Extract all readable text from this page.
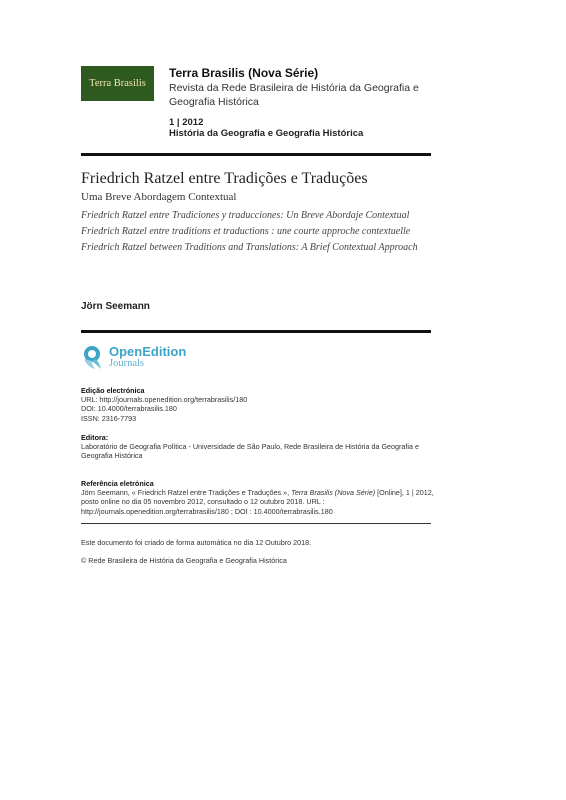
Terra Brasilis
Terra Brasilis (Nova Série)
Revista da Rede Brasileira de História da Geografia e Geografia Histórica
1 | 2012
História da Geografia e Geografia Histórica
Friedrich Ratzel entre Tradições e Traduções
Uma Breve Abordagem Contextual
Friedrich Ratzel entre Tradiciones y traducciones: Un Breve Abordaje Contextual
Friedrich Ratzel entre traditions et traductions : une courte approche contextuelle
Friedrich Ratzel between Traditions and Translations: A Brief Contextual Approach
Jörn Seemann
OpenEdition
Journals
Edição electrónica
URL: http://journals.openedition.org/terrabrasilis/180
DOI: 10.4000/terrabrasilis.180
ISSN: 2316-7793
Editora:
Laboratório de Geografia Política - Universidade de São Paulo, Rede Brasileira de História da Geografia e Geografia Histórica
Referência eletrónica
Jörn Seemann, « Friedrich Ratzel entre Tradições e Traduções », Terra Brasilis (Nova Série) [Online], 1 | 2012, posto online no dia 05 novembro 2012, consultado o 12 outubro 2018. URL : http://journals.openedition.org/terrabrasilis/180 ; DOI : 10.4000/terrabrasilis.180
Este documento foi criado de forma automática no dia 12 Outubro 2018.
© Rede Brasileira de História da Geografia e Geografia Histórica
